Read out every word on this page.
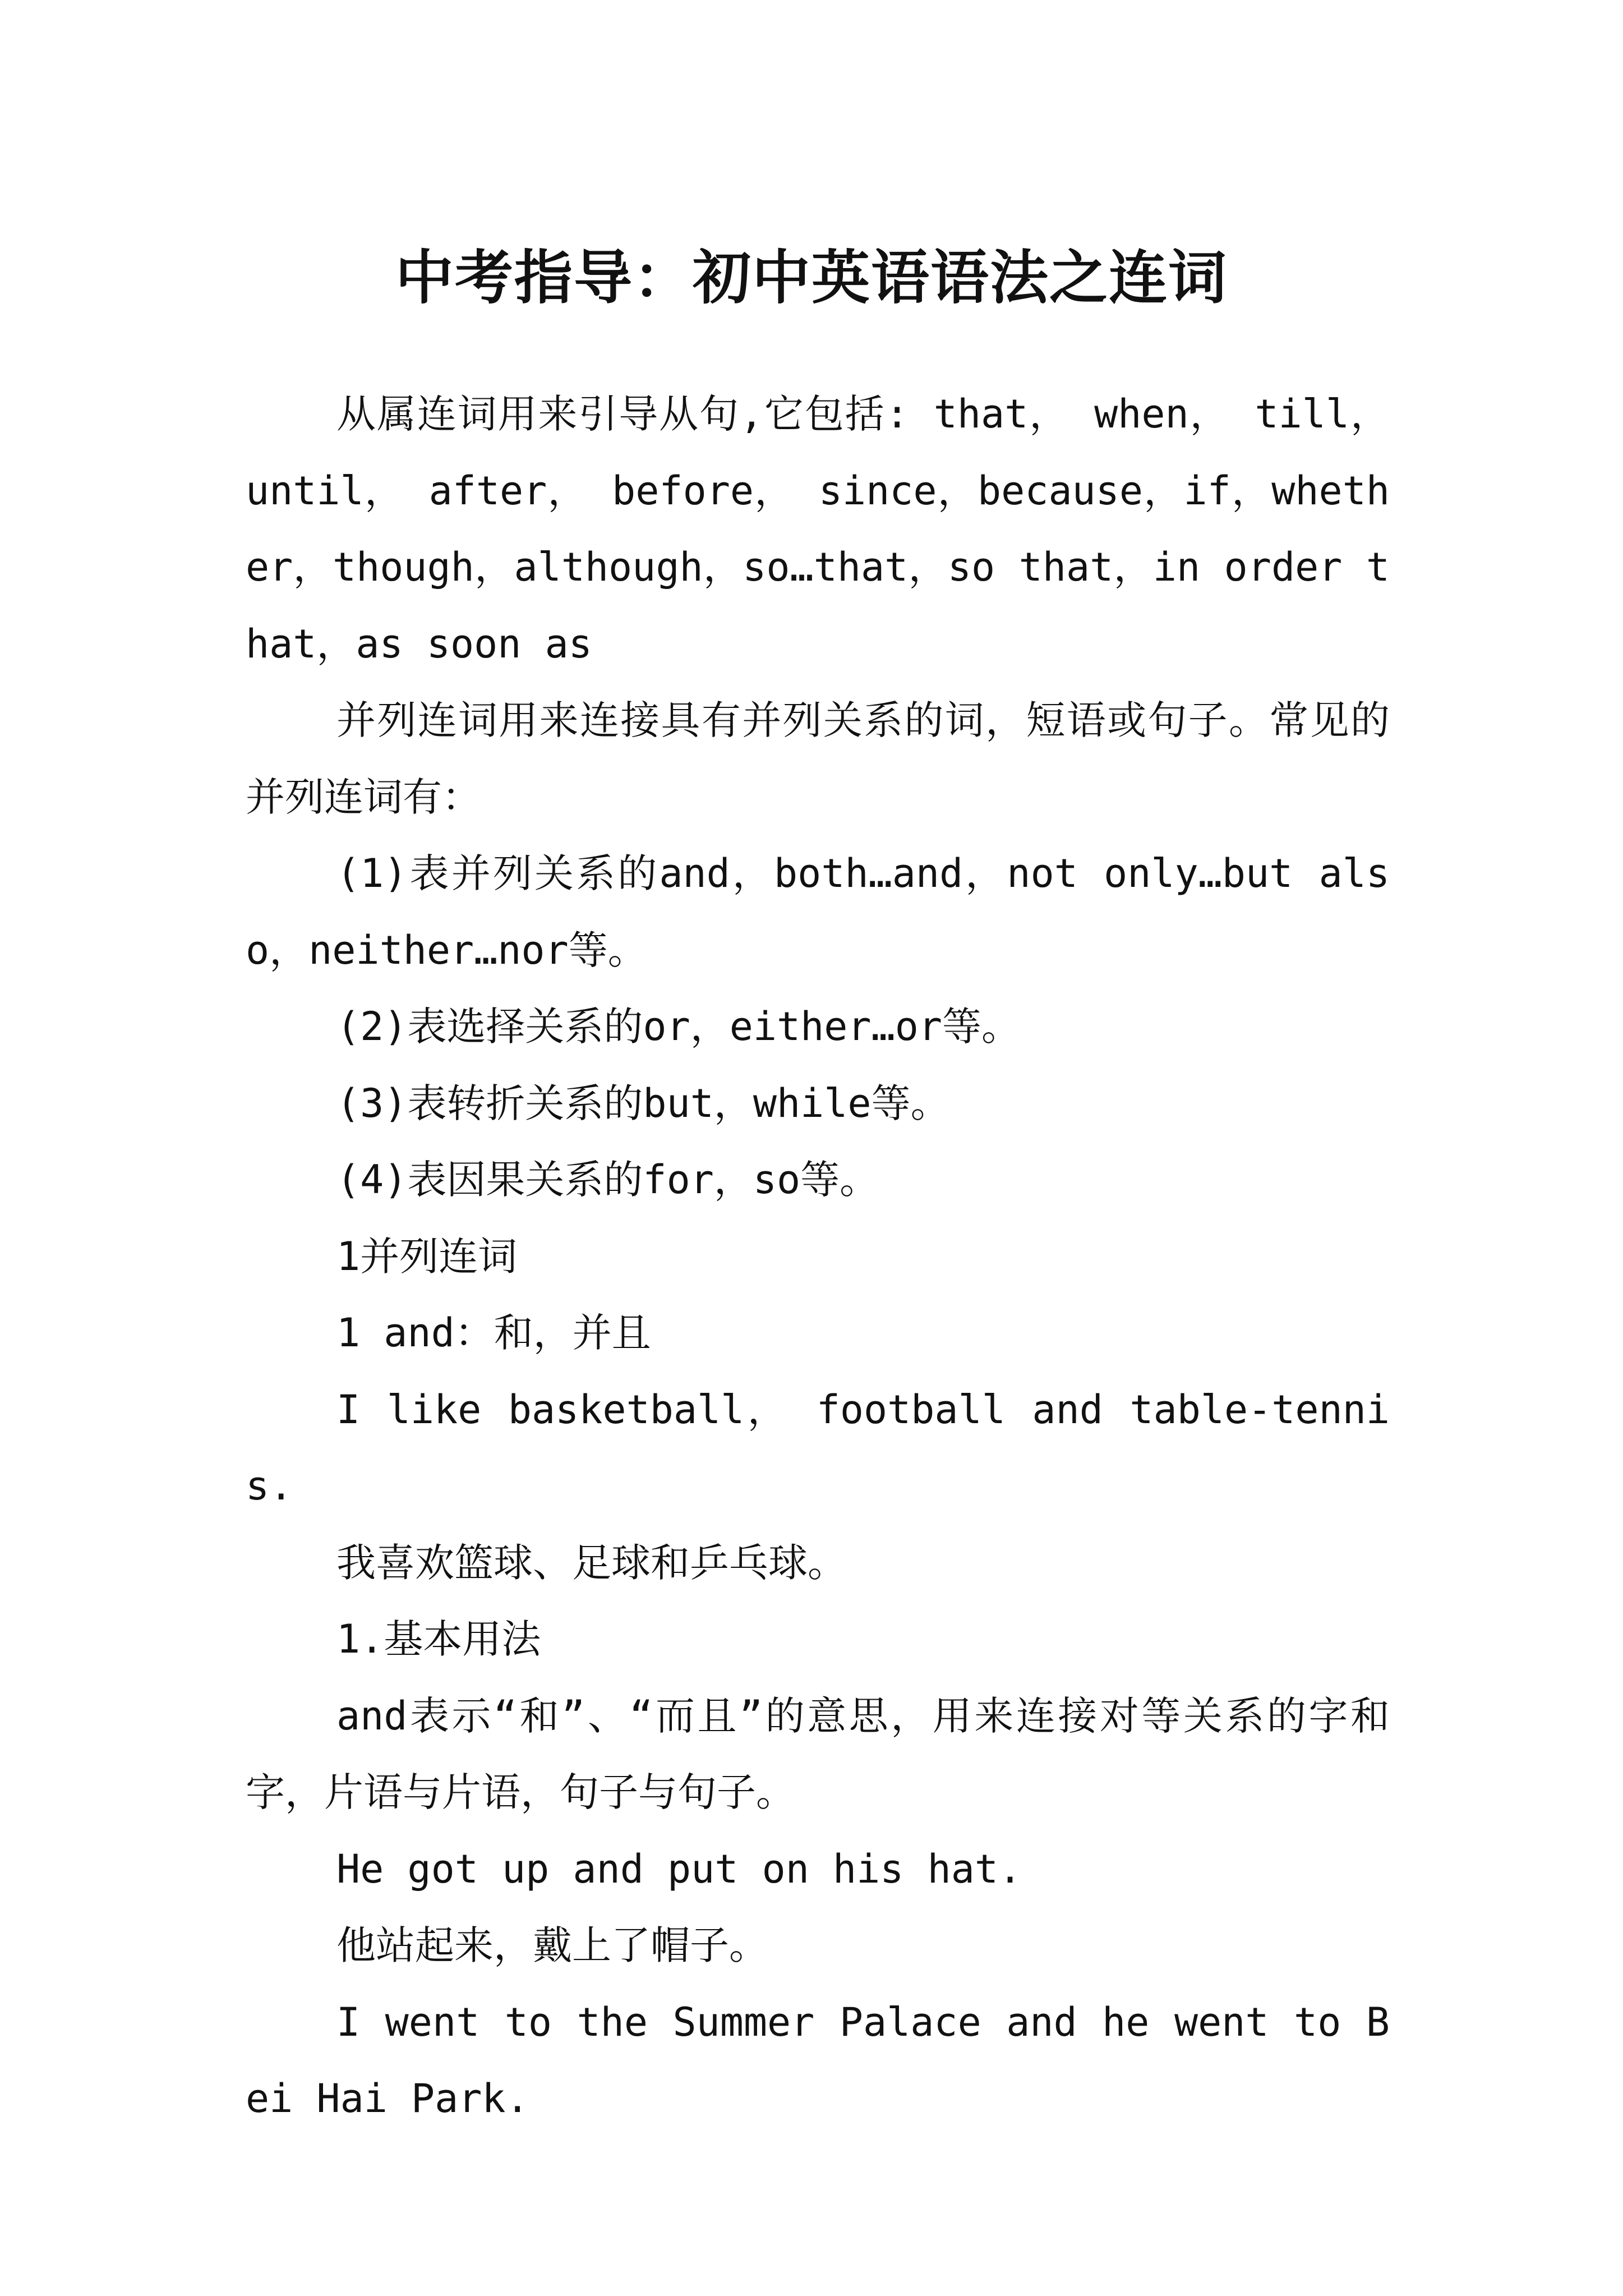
中考指导：初中英语语法之连词

从属连词用来引导从句,它包括: that， when， till， until， after， before， since，because，if，whether，though，although，so…that，so that，in order that，as soon as

并列连词用来连接具有并列关系的词，短语或句子。常见的并列连词有：

(1)表并列关系的and，both…and，not only…but also，neither…nor等。

(2)表选择关系的or，either…or等。

(3)表转折关系的but，while等。

(4)表因果关系的for，so等。

1并列连词

1 and：和，并且

I like basketball， football and table-tennis.

我喜欢篮球、足球和乒乓球。

1.基本用法

and表示“和”、“而且”的意思，用来连接对等关系的字和字，片语与片语，句子与句子。

He got up and put on his hat.

他站起来，戴上了帽子。

I went to the Summer Palace and he went to Bei Hai Park.
